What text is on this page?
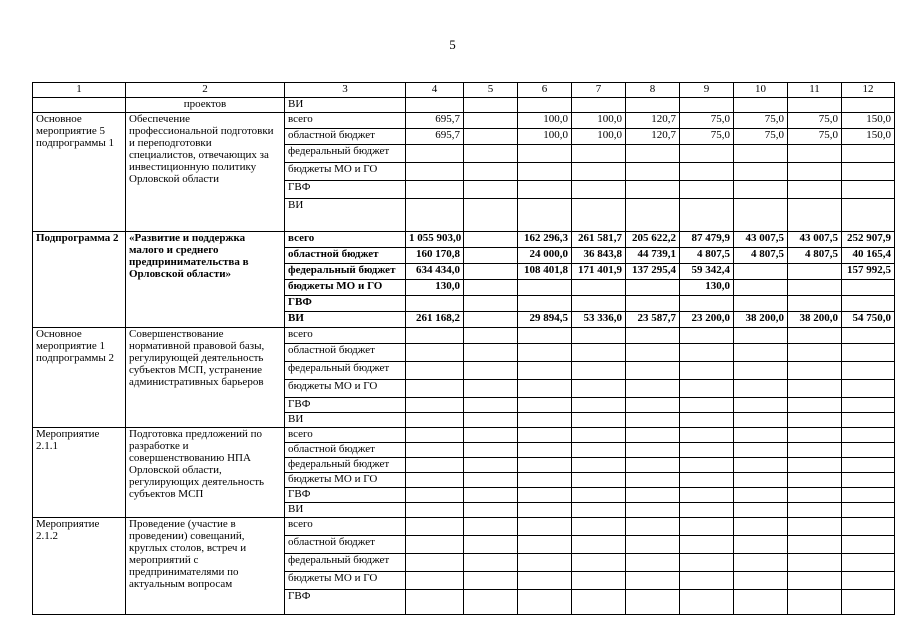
5
1	2	3	4	5	6	7	8	9	10	11	12
	проектов	ВИ									
Основное мероприятие 5 подпрограммы 1	Обеспечение профессиональной подготовки и переподготовки специалистов, отвечающих за инвестиционную политику Орловской области	всего	695,7		100,0	100,0	120,7	75,0	75,0	75,0	150,0
		областной бюджет	695,7		100,0	100,0	120,7	75,0	75,0	75,0	150,0
		федеральный бюджет									
		бюджеты МО и ГО									
		ГВФ									
		ВИ									
Подпрограмма 2	«Развитие и поддержка малого и среднего предпринимательства в Орловской области»	всего	1 055 903,0		162 296,3	261 581,7	205 622,2	87 479,9	43 007,5	43 007,5	252 907,9
		областной бюджет	160 170,8		24 000,0	36 843,8	44 739,1	4 807,5	4 807,5	4 807,5	40 165,4
		федеральный бюджет	634 434,0		108 401,8	171 401,9	137 295,4	59 342,4			157 992,5
		бюджеты МО и ГО	130,0					130,0			
		ГВФ									
		ВИ	261 168,2		29 894,5	53 336,0	23 587,7	23 200,0	38 200,0	38 200,0	54 750,0
Основное мероприятие 1 подпрограммы 2	Совершенствование нормативной правовой базы, регулирующей деятельность субъектов МСП, устранение административных барьеров	всего									
		областной бюджет									
		федеральный бюджет									
		бюджеты МО и ГО									
		ГВФ									
		ВИ									
Мероприятие 2.1.1	Подготовка предложений по разработке и совершенствованию НПА Орловской области, регулирующих деятельность субъектов МСП	всего									
		областной бюджет									
		федеральный бюджет									
		бюджеты МО и ГО									
		ГВФ									
		ВИ									
Мероприятие 2.1.2	Проведение (участие в проведении) совещаний, круглых столов, встреч и мероприятий с предпринимателями по актуальным вопросам	всего									
		областной бюджет									
		федеральный бюджет									
		бюджеты МО и ГО									
		ГВФ									
